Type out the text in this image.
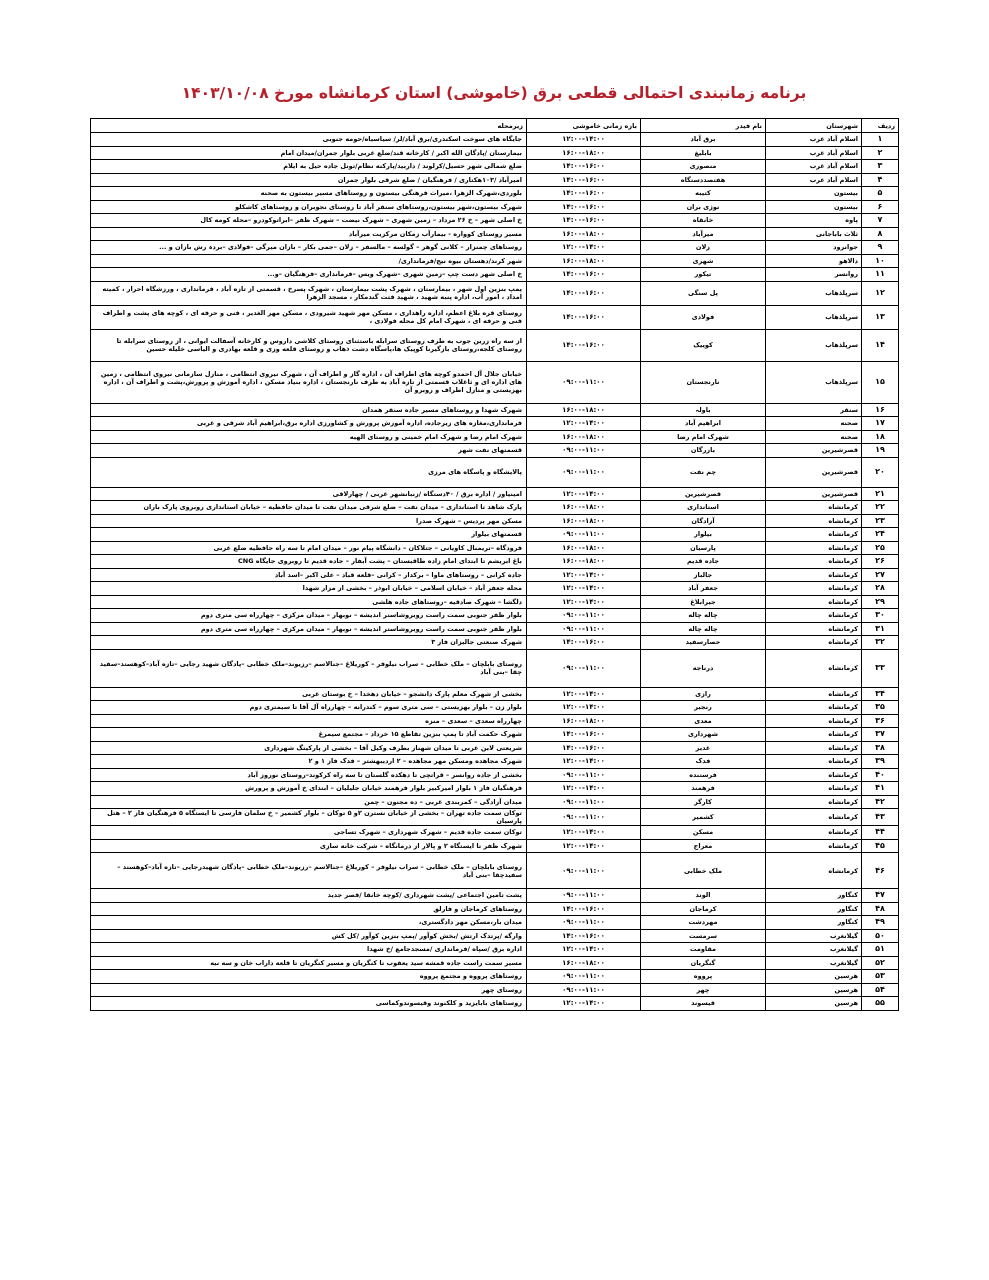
برنامه زمانبندی احتمالی قطعی برق (خاموشی) استان کرمانشاه مورخ ۱۴۰۳/۱۰/۰۸
ردیف	شهرستان	نام فیدر	بازه زمانی خاموشی	زیرمحله
۱	اسلام آباد غرب	برق آباد	۱۲:۰۰-۱۴:۰۰	جایگاه های سوخت اسکندری/برق آباد/لر/ سیاسیاه/حومه جنوبی
۲	اسلام آباد غرب	بابلیغ	۱۶:۰۰-۱۸:۰۰	بیمارستان /پادگان الله اکبر / کارخانه قند/ضلع غربی بلوار جمران/میدان امام
۳	اسلام آباد غرب	منصوری	۱۴:۰۰-۱۶:۰۰	ضلع شمالی شهر حسیل/کرلوند / داربید/پارکنه نظام/تونل جاده حیل به ایلام
۴	اسلام آباد غرب	هفتصددستگاه	۱۴:۰۰-۱۶:۰۰	امیرآباد /۱۰۳هکتاری / فرهنگیان / ضلع شرقی بلوار جمران
۵	بیستون	کتیبه	۱۴:۰۰-۱۶:۰۰	بلوردی،شهرک الزهرا ،میراث فرهنگی بیستون و روستاهای مسیر بیستون به صحنه
۶	بیستون	نوژی بران	۱۴:۰۰-۱۶:۰۰	شهرک بیستون،شهر بیستون،روستاهای سنقر آباد تا روستای نجوبران و روستاهای کاشکلو
۷	پاوه	خانقاه	۱۴:۰۰-۱۶:۰۰	خ اصلی شهر – خ ۲۶ مرداد – زمین شهری – شهرک نیضت – شهرک ظفر –ابراتوکودرو –محله کومه کال
۸	ثلاث باباجانی	میرآباد	۱۶:۰۰-۱۸:۰۰	مسیر روستای کوواره - بیمارآب زمکان مرکزیت میرآباد
۹	جوانرود	زلان	۱۲:۰۰-۱۴:۰۰	روستاهای چمنزار – کلانی گوهر – گولسه – مالسفر – زلان –جمی بکار – بازان میرگی –فولادی –بردہ رش بازان و ...
۱۰	دالاهو	شهری	۱۶:۰۰-۱۸:۰۰	شهر کرند/دهستان بیوه نیج/فرمانداری/
۱۱	روانسر	تیکور	۱۴:۰۰-۱۶:۰۰	خ اصلی شهر دست چپ –زمین شهری –شهرک ویس –فرمانداری –فرهنگیان –و...
۱۲	سرپلذهاب	پل سنگی	۱۴:۰۰-۱۶:۰۰	پمپ بنزین اول شهر ، بیمارستان ، شهرک پشت بیمارستان ، شهرک پسرخ ، قسمتی از تازه آباد ، فرمانداری ، ورزشگاه احرار ، کمیته امداد ، امور آب، اداره پنبه شهید ، شهید فتت گندمکار ، مسجد الزهرا
۱۳	سرپلذهاب	فولادی	۱۴:۰۰-۱۶:۰۰	روستای قره بلاغ اعظم، اداره راهداری ، مسکن مهر شهید شیرودی ، مسکن مهر الغدیر ، فنی و حرفه ای ، کوچه های پشت و اطراف فنی و حرفه ای ، شهرک امام کل محله فولادی ،
۱۴	سرپلذهاب	کوییک	۱۴:۰۰-۱۶:۰۰	از سه راه زرین جوب به طرف روستای سرابله باستثنای روستای کلاشی داروس و کارخانه آسفالت ایوانی ، از روستای سرابله تا روستای کلجه،روستای بازگیرنا کوپیک ها،پاسگاه دشت ذهاب و روستای قلعه وزی و قلعه بهادری و الیاسی خلیله حسین
۱۵	سرپلذهاب	نارنجستان	۰۹:۰۰-۱۱:۰۰	خیابان جلال آل احمدو کوچه های اطراف آن ، اداره گاز و اطراف آن ، شهرک نیروی انتظامی ، منازل سازمانی نیروی انتظامی ، زمین های اداره ای و ثاغلاب قسمتی از تازه آباد به طرف نارنجستان ، اداره بنیاد مسکن ، اداره آموزش و پرورش،پشت و اطراف آن ، اداره بهزیستی و منازل اطراف و روبرو آن
۱۶	سنقر	باولہ	۱۶:۰۰-۱۸:۰۰	شهرک شهدا و روستاهای مسیر جاده سنقر همدان
۱۷	صحنه	ابراهیم آباد	۱۲:۰۰-۱۴:۰۰	فرمانداری،مغازه های زیرجاده، اداره آموزش پرورش و کشاورزی اداره برق،ابراهیم آباد شرقی و غربی
۱۸	صحنه	شهرک امام رضا	۱۶:۰۰-۱۸:۰۰	شهرک امام رضا و شهرک امام خمینی و روستای الهیه
۱۹	قصرشیرین	بازرگان	۰۹:۰۰-۱۱:۰۰	قسمتهای نفت شهر
۲۰	قصرشیرین	چم نفت	۰۹:۰۰-۱۱:۰۰	پالایشگاه و پاسگاه های مرزی
۲۱	قصرشیرین	قصرشیرین	۱۲:۰۰-۱۴:۰۰	امینیاور / اداره برق / ۴۰دستگاه /زنبانشهر غربی / چهارلاقی
۲۲	کرمانشاه	استانداری	۱۶:۰۰-۱۸:۰۰	پارک شاهد تا استانداری – میدان نفت – ضلع شرقی میدان نفت تا میدان حافظیه – خیابان استانداری روبروی پارک باران
۲۳	کرمانشاه	آزادگان	۱۶:۰۰-۱۸:۰۰	مسکن مهر پردیس – شهرک صدرا
۲۴	کرمانشاه	بیلوار	۰۹:۰۰-۱۱:۰۰	قسمتهای بیلوار
۲۵	کرمانشاه	پارسیان	۱۶:۰۰-۱۸:۰۰	فرودگاه –تریمنال کاویانی – جتلاکان – دانشگاه پیام نور – میدان امام تا سه راه حافظیه ضلع غربی
۲۶	کرمانشاه	جاده قدیم	۱۶:۰۰-۱۸:۰۰	باغ ابریشم تا ابتدای امام زاده طاقبستان – پشت آبفار – جاده قدیم تا روبروی جایگاه CNG
۲۷	کرمانشاه	جالباز	۱۲:۰۰-۱۴:۰۰	جاده کرانی – روستاهای ماوا – برکدار – کرانی –قلعه قباد – علی اکبر –اسد آباد
۲۸	کرمانشاه	جعفر آباد	۱۲:۰۰-۱۴:۰۰	محله جعفر آباد – خیابان اسلامی – خیابان ابوذر – بخشی از مزار شهدا
۲۹	کرمانشاه	جیرابلاغ	۱۲:۰۰-۱۴:۰۰	دلگشا – شهرک صادقیه –روستاهای جاده هلشی
۳۰	کرمانشاه	چاله چاله	۰۹:۰۰-۱۱:۰۰	بلوار ظفر جنوبی سمت راست روبروشاستر اندیشه – نوبهار – میدان مرکزی – چهارراه سی متری دوم
۳۱	کرمانشاه	چاله چاله	۰۹:۰۰-۱۱:۰۰	بلوار ظفر جنوبی سمت راست روبروشاستر اندیشه – نوبهار – میدان مرکزی – چهارراه سی متری دوم
۳۲	کرمانشاه	حصارسفید	۱۴:۰۰-۱۶:۰۰	شهرک صنعتی جالیزان فاز ۳
۳۳	کرمانشاه	درناجه	۰۹:۰۰-۱۱:۰۰	روستای بابلچان – ملک خطابی – سراب نیلوفر – کوریلاغ –جنالاسم –رزیوند–ملک خطابی –پادگان شهید رجایی –تازه آباد–کوهستد–سفید چقا –بنی آباد
۳۴	کرمانشاه	رازی	۱۲:۰۰-۱۴:۰۰	بخشی از شهرک معلم پارک دانشجو – خیابان دهخدا – خ بوستان غربی
۳۵	کرمانشاه	رنجبر	۱۲:۰۰-۱۴:۰۰	بلوار زن – بلوار بهزیستی – سی متری سوم – کندرانه – چهارراه آل آقا تا سیمتری دوم
۳۶	کرمانشاه	معدی	۱۶:۰۰-۱۸:۰۰	چهارراه سعدی – سعدی – منزه
۳۷	کرمانشاه	شهرداری	۱۴:۰۰-۱۶:۰۰	شهرک حکمت آباد تا پمپ بنزین تقاطع ۱۵ خرداد – مجتمع سیمرغ
۳۸	کرمانشاه	غدیر	۱۴:۰۰-۱۶:۰۰	شریعتی لاین غربی تا میدان شهناز بطرف وکیل آقا – بخشی از پارکینگ شهرداری
۳۹	کرمانشاه	فدک	۱۲:۰۰-۱۴:۰۰	شهرک مجاهده ومسکن مهر مجاهده – ۲ اردیبهشتر – فدک فاز ۱ و ۲
۴۰	کرمانشاه	فرستنده	۰۹:۰۰-۱۱:۰۰	بخشی از جاده روانسر – قراتچی تا دهکده گلستان تا سه راه کرکوند–روستای نوروز آباد
۴۱	کرمانشاه	فرهمند	۱۲:۰۰-۱۴:۰۰	فرهنگیان فاز ۱ بلوار امیرکبیر بلوار فرهمند خیابان جلیلیان – ابتدای خ آموزش و پرورش
۴۲	کرمانشاه	کارگر	۰۹:۰۰-۱۱:۰۰	میدان آزادگی – کمربندی غربی – ده مجنون – چمن
۴۳	کرمانشاه	کشمیر	۰۹:۰۰-۱۱:۰۰	توکان سمت جاده تهران – بخشی از خیابان نسترن ۲و ۵ توکان – بلوار کشمیر – خ سلمان فارسی تا ایستگاه ۵ فرهنگیان فاز ۲ – هتل پارسیان
۴۴	کرمانشاه	مسکن	۱۲:۰۰-۱۴:۰۰	توکان سمت جاده قدیم – شهرک شهرداری – شهرک تساجی
۴۵	کرمانشاه	معراج	۱۲:۰۰-۱۴:۰۰	شهرک ظفر تا ایستگاه ۲ و پالار از درمانگاه – شرکت خانه سازی
۴۶	کرمانشاه	ملک خطابی	۰۹:۰۰-۱۱:۰۰	روستای بابلچان – ملک خطابی – سراب نیلوفر – کوریلاغ –جنالاسم –رزیوند–ملک خطابی –پادگان شهیدرجایی –تازه آباد–کوهستد –سفیدچقا –بنی آباد
۴۷	کنگاور	الوند	۰۹:۰۰-۱۱:۰۰	پشت تامین اجتماعی /پشت شهرداری /کوچه خانقا /قصر جدید
۴۸	کنگاور	کرماجان	۱۴:۰۰-۱۶:۰۰	روستاهای کرماجان و فارلق
۴۹	کنگاور	مهردشت	۰۹:۰۰-۱۱:۰۰	میدان بار،مسکن مهر دادگستری،
۵۰	گیلانغرب	سرمست	۱۴:۰۰-۱۶:۰۰	وارگه /پرتدک ارتش /بخش کوآور /پمپ بنزین کوآور /کل کش
۵۱	گیلانغرب	مقاومت	۱۲:۰۰-۱۴:۰۰	اداره برق /سپاه /فرمانداری /مسجدجامع /خ شهدا
۵۲	گیلانغرب	گنگریان	۱۶:۰۰-۱۸:۰۰	مسیر سمت راست جاده قمشه سید یعقوب تا کنگریان و مسیر کنگریان تا قلعه داراب خان و سه نیه
۵۳	هرسین	پرووه	۰۹:۰۰-۱۱:۰۰	روستاهای پرووه و مجتمع پرووه
۵۴	هرسین	چهر	۰۹:۰۰-۱۱:۰۰	روستای چهر
۵۵	هرسین	قیسوند	۱۲:۰۰-۱۴:۰۰	روستاهای بابایزید و کلکنوند وقیسوندوکماسی
